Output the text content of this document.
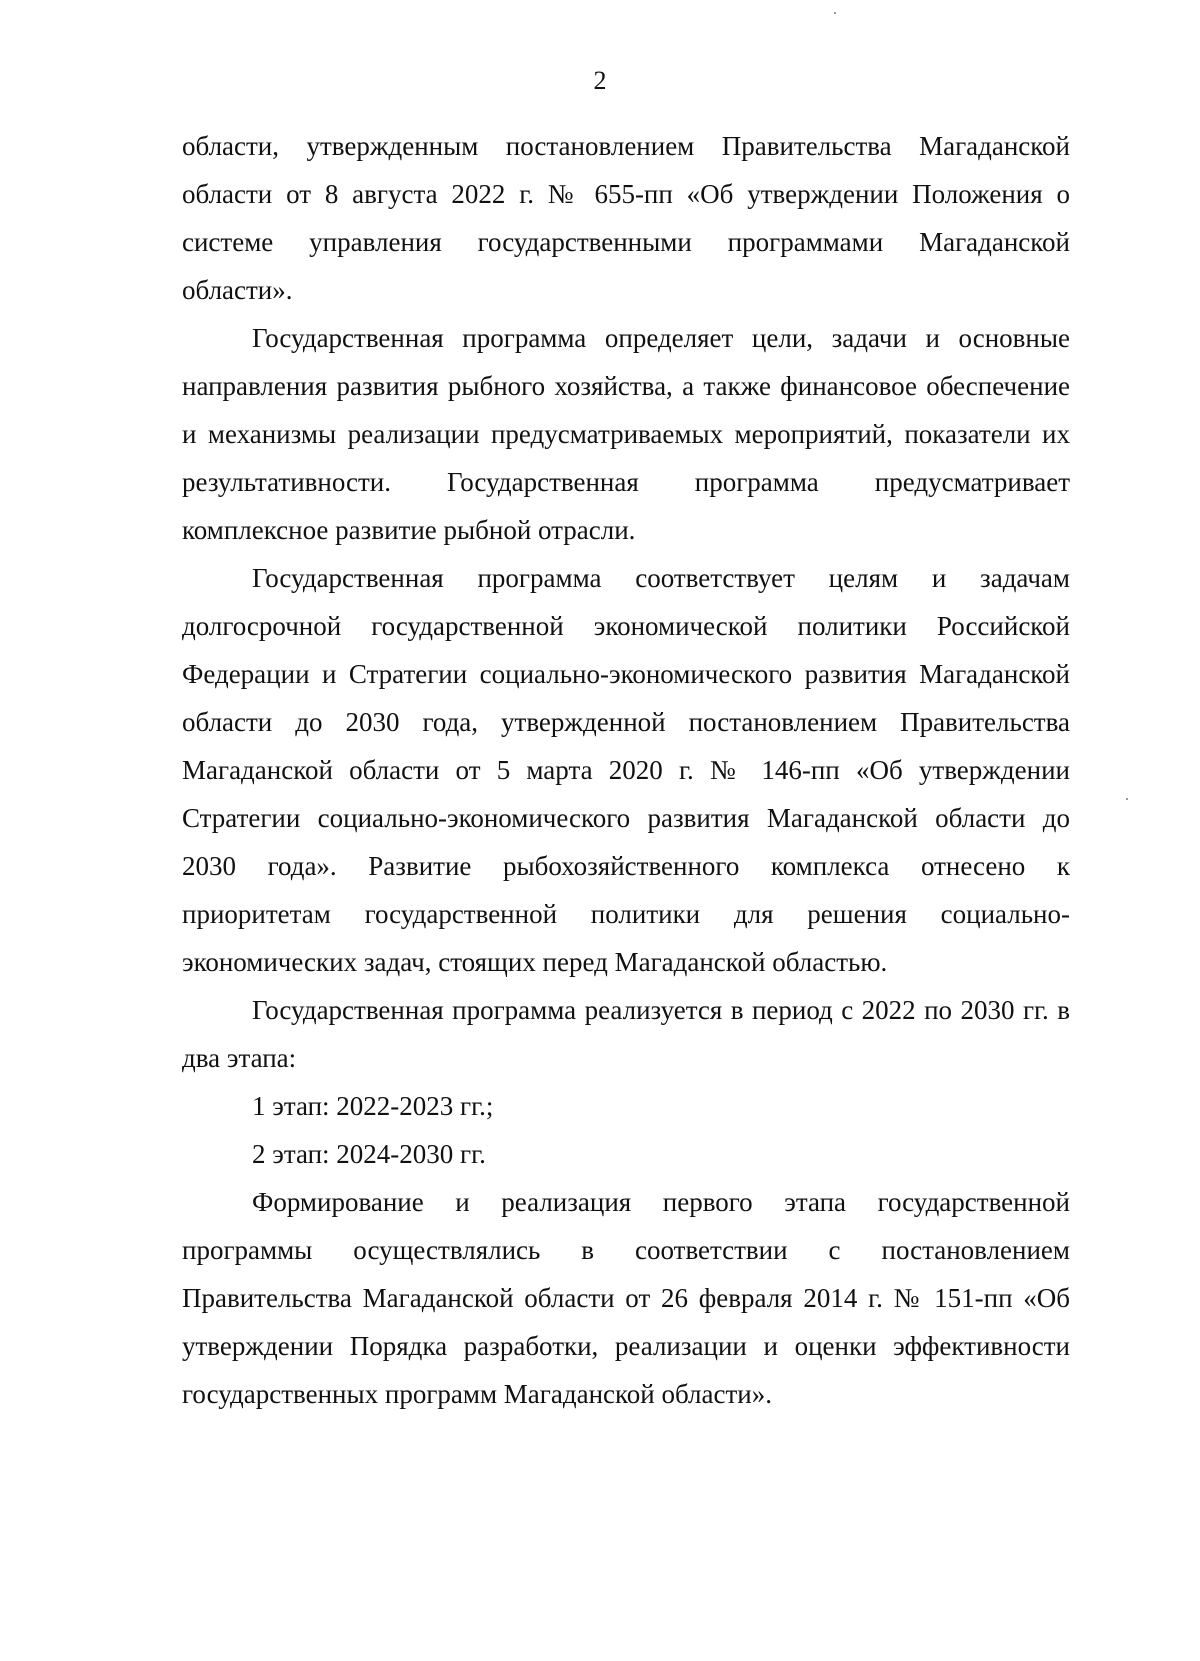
2

области, утвержденным постановлением Правительства Магаданской области от 8 августа 2022 г. № 655-пп «Об утверждении Положения о системе управления государственными программами Магаданской области».

Государственная программа определяет цели, задачи и основные направления развития рыбного хозяйства, а также финансовое обеспечение и механизмы реализации предусматриваемых мероприятий, показатели их результативности. Государственная программа предусматривает комплексное развитие рыбной отрасли.

Государственная программа соответствует целям и задачам долгосрочной государственной экономической политики Российской Федерации и Стратегии социально-экономического развития Магаданской области до 2030 года, утвержденной постановлением Правительства Магаданской области от 5 марта 2020 г. № 146-пп «Об утверждении Стратегии социально-экономического развития Магаданской области до 2030 года». Развитие рыбохозяйственного комплекса отнесено к приоритетам государственной политики для решения социально-экономических задач, стоящих перед Магаданской областью.

Государственная программа реализуется в период с 2022 по 2030 гг. в два этапа:

1 этап: 2022-2023 гг.;

2 этап: 2024-2030 гг.

Формирование и реализация первого этапа государственной программы осуществлялись в соответствии с постановлением Правительства Магаданской области от 26 февраля 2014 г. № 151-пп «Об утверждении Порядка разработки, реализации и оценки эффективности государственных программ Магаданской области».
